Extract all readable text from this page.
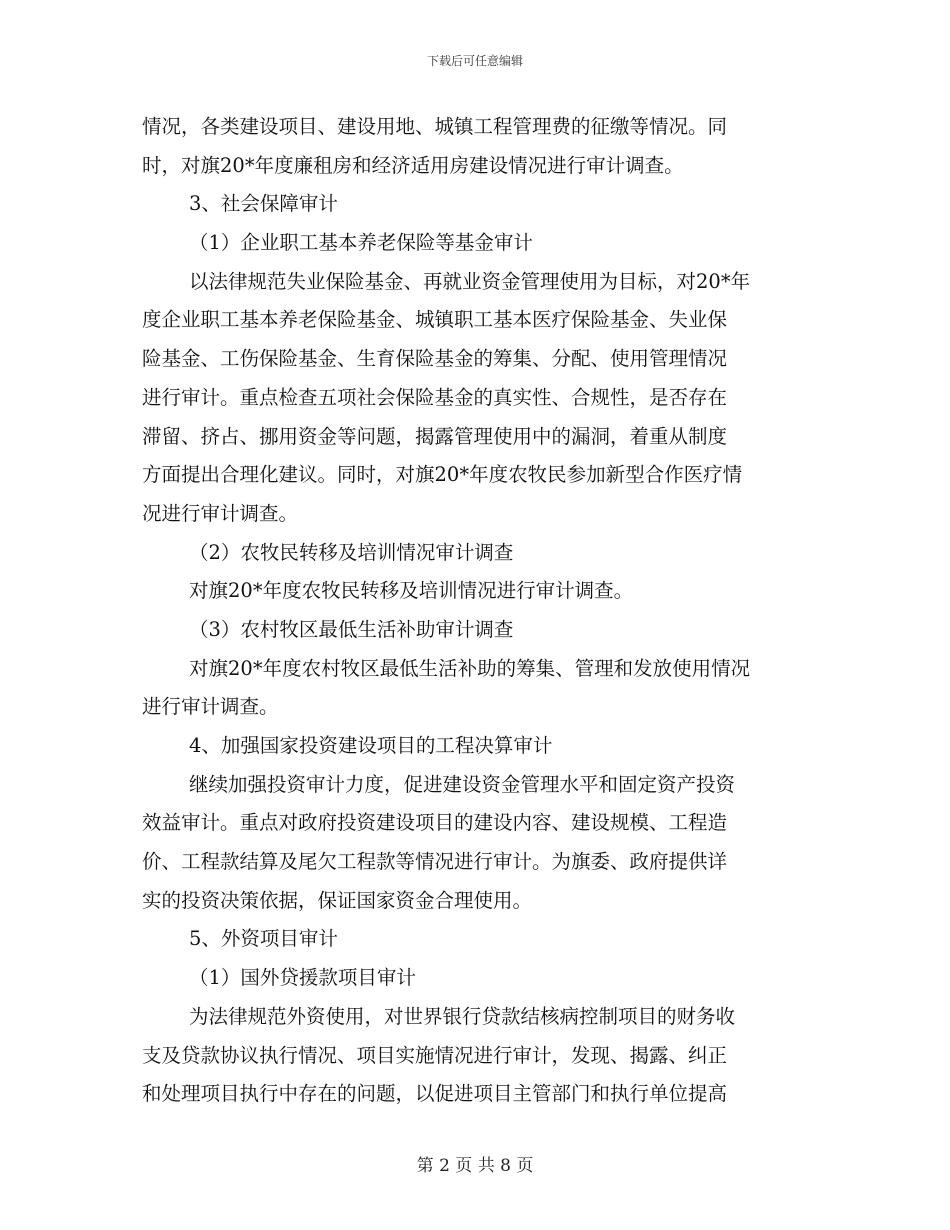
下载后可任意编辑
情况，各类建设项目、建设用地、城镇工程管理费的征缴等情况。同
时，对旗20*年度廉租房和经济适用房建设情况进行审计调查。
3、社会保障审计
（1）企业职工基本养老保险等基金审计
以法律规范失业保险基金、再就业资金管理使用为目标，对20*年
度企业职工基本养老保险基金、城镇职工基本医疗保险基金、失业保
险基金、工伤保险基金、生育保险基金的筹集、分配、使用管理情况
进行审计。重点检查五项社会保险基金的真实性、合规性，是否存在
滞留、挤占、挪用资金等问题，揭露管理使用中的漏洞，着重从制度
方面提出合理化建议。同时，对旗20*年度农牧民参加新型合作医疗情
况进行审计调查。
（2）农牧民转移及培训情况审计调查
对旗20*年度农牧民转移及培训情况进行审计调查。
（3）农村牧区最低生活补助审计调查
对旗20*年度农村牧区最低生活补助的筹集、管理和发放使用情况
进行审计调查。
4、加强国家投资建设项目的工程决算审计
继续加强投资审计力度，促进建设资金管理水平和固定资产投资
效益审计。重点对政府投资建设项目的建设内容、建设规模、工程造
价、工程款结算及尾欠工程款等情况进行审计。为旗委、政府提供详
实的投资决策依据，保证国家资金合理使用。
5、外资项目审计
（1）国外贷援款项目审计
为法律规范外资使用，对世界银行贷款结核病控制项目的财务收
支及贷款协议执行情况、项目实施情况进行审计，发现、揭露、纠正
和处理项目执行中存在的问题，以促进项目主管部门和执行单位提高
第 2 页 共 8 页
